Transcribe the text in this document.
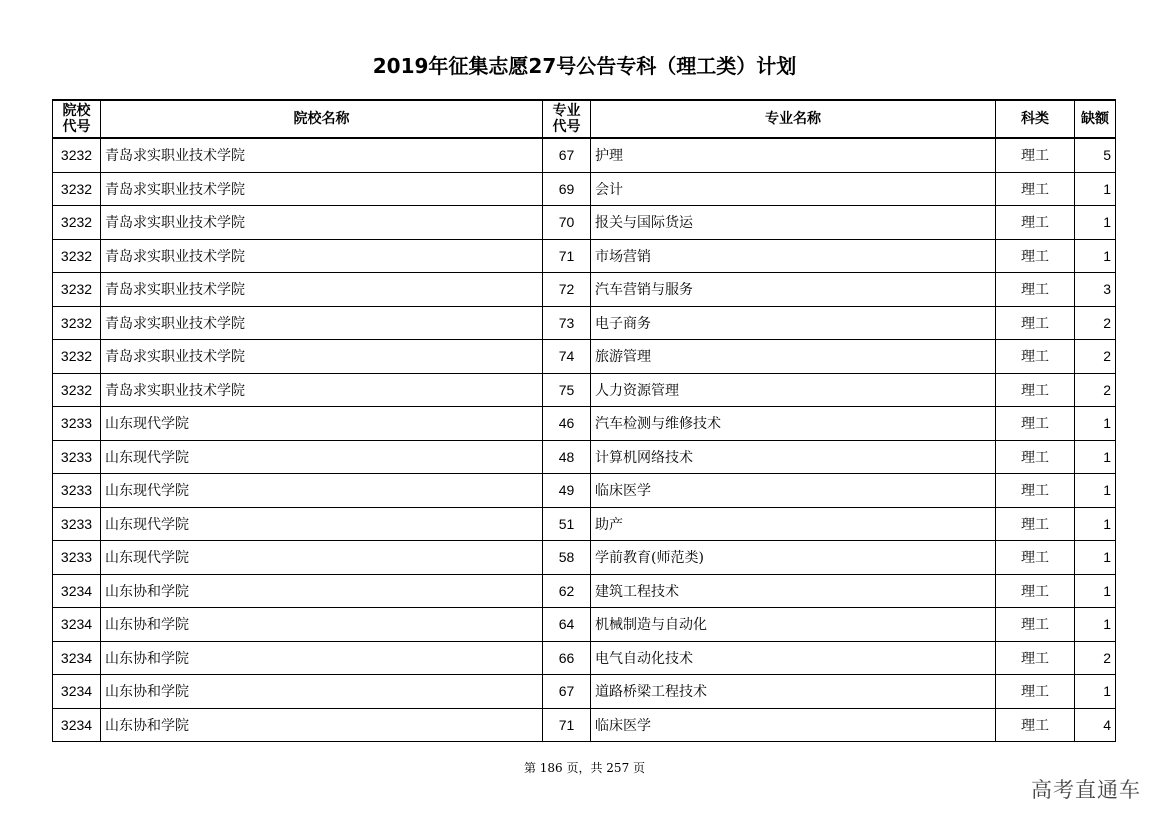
2019年征集志愿27号公告专科（理工类）计划
院校
代号	院校名称	专业
代号	专业名称	科类	缺额
3232	青岛求实职业技术学院	67	护理	理工	5
3232	青岛求实职业技术学院	69	会计	理工	1
3232	青岛求实职业技术学院	70	报关与国际货运	理工	1
3232	青岛求实职业技术学院	71	市场营销	理工	1
3232	青岛求实职业技术学院	72	汽车营销与服务	理工	3
3232	青岛求实职业技术学院	73	电子商务	理工	2
3232	青岛求实职业技术学院	74	旅游管理	理工	2
3232	青岛求实职业技术学院	75	人力资源管理	理工	2
3233	山东现代学院	46	汽车检测与维修技术	理工	1
3233	山东现代学院	48	计算机网络技术	理工	1
3233	山东现代学院	49	临床医学	理工	1
3233	山东现代学院	51	助产	理工	1
3233	山东现代学院	58	学前教育(师范类)	理工	1
3234	山东协和学院	62	建筑工程技术	理工	1
3234	山东协和学院	64	机械制造与自动化	理工	1
3234	山东协和学院	66	电气自动化技术	理工	2
3234	山东协和学院	67	道路桥梁工程技术	理工	1
3234	山东协和学院	71	临床医学	理工	4
第 186 页，共 257 页
高考直通车
